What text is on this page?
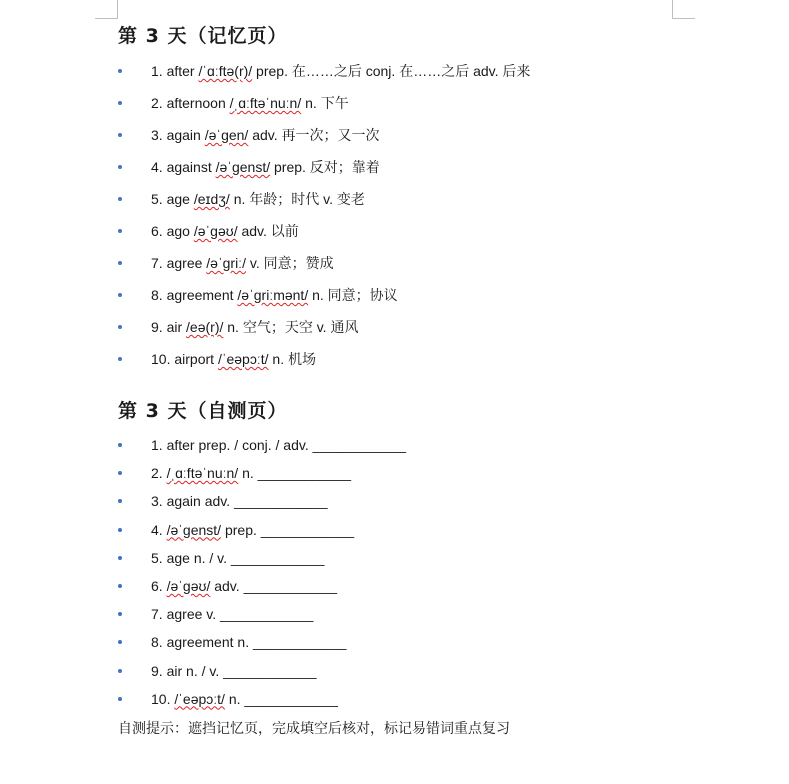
第 3 天（记忆页）
1. after /ˈɑːftə(r)/ prep. 在……之后 conj. 在……之后 adv. 后来
2. afternoon /ˌɑːftəˈnuːn/ n. 下午
3. again /əˈɡen/ adv. 再一次；又一次
4. against /əˈɡenst/ prep. 反对；靠着
5. age /eɪdʒ/ n. 年龄；时代 v. 变老
6. ago /əˈɡəʊ/ adv. 以前
7. agree /əˈɡriː/ v. 同意；赞成
8. agreement /əˈɡriːmənt/ n. 同意；协议
9. air /eə(r)/ n. 空气；天空 v. 通风
10. airport /ˈeəpɔːt/ n. 机场
第 3 天（自测页）
1. after prep. / conj. / adv. ____________
2. /ˌɑːftəˈnuːn/ n. ____________
3. again adv. ____________
4. /əˈɡenst/ prep. ____________
5. age n. / v. ____________
6. /əˈɡəʊ/ adv. ____________
7. agree v. ____________
8. agreement n. ____________
9. air n. / v. ____________
10. /ˈeəpɔːt/ n. ____________
自测提示：遮挡记忆页，完成填空后核对，标记易错词重点复习
